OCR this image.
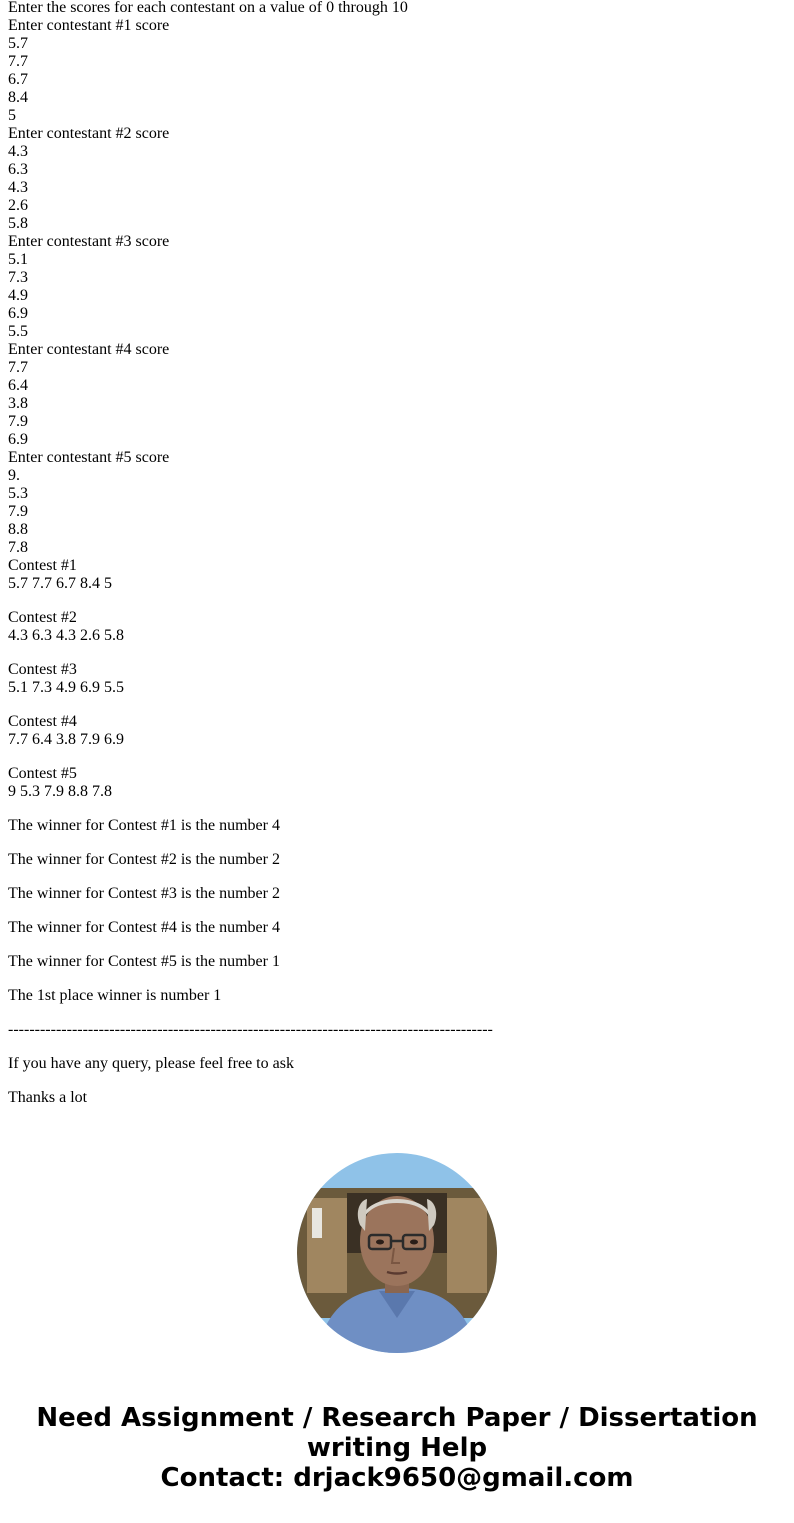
Enter the scores for each contestant on a value of 0 through 10
Enter contestant #1 score
5.7
7.7
6.7
8.4
5
Enter contestant #2 score
4.3
6.3
4.3
2.6
5.8
Enter contestant #3 score
5.1
7.3
4.9
6.9
5.5
Enter contestant #4 score
7.7
6.4
3.8
7.9
6.9
Enter contestant #5 score
9.
5.3
7.9
8.8
7.8
Contest #1
5.7 7.7 6.7 8.4 5
Contest #2
4.3 6.3 4.3 2.6 5.8
Contest #3
5.1 7.3 4.9 6.9 5.5
Contest #4
7.7 6.4 3.8 7.9 6.9
Contest #5
9 5.3 7.9 8.8 7.8
The winner for Contest #1 is the number 4
The winner for Contest #2 is the number 2
The winner for Contest #3 is the number 2
The winner for Contest #4 is the number 4
The winner for Contest #5 is the number 1
The 1st place winner is number 1
-------------------------------------------------------------------------------------------
If you have any query, please feel free to ask
Thanks a lot
Need Assignment / Research Paper / Dissertation
writing Help
Contact: drjack9650@gmail.com
